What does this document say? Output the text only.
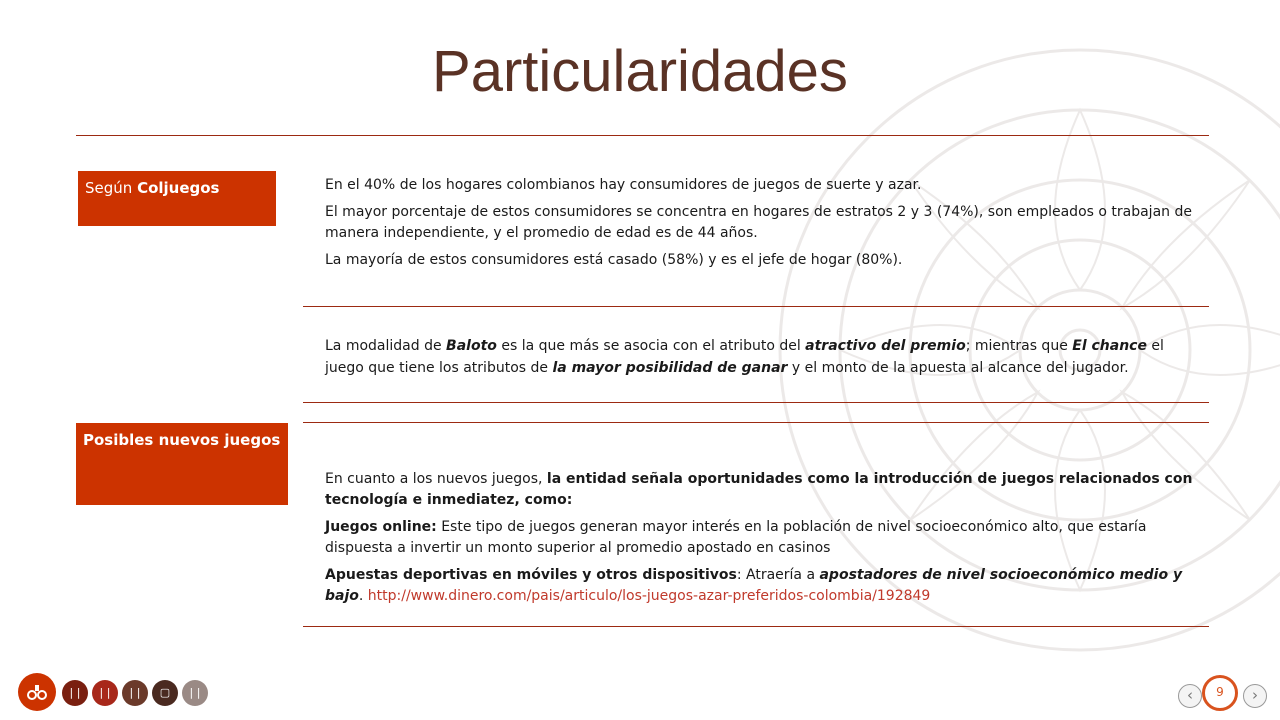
Particularidades
Según Coljuegos	En el 40% de los hogares colombianos hay consumidores de juegos de suerte y azar.

El mayor porcentaje de estos consumidores se concentra en hogares de estratos 2 y 3 (74%), son empleados o trabajan de manera independiente, y el promedio de edad es de 44 años.

La mayoría de estos consumidores está casado (58%) y es el jefe de hogar (80%).

La modalidad de Baloto es la que más se asocia con el atributo del atractivo del premio; mientras que El chance el juego que tiene los atributos de la mayor posibilidad de ganar y el monto de la apuesta al alcance del jugador.

Posibles nuevos juegos

En cuanto a los nuevos juegos, la entidad señala oportunidades como la introducción de juegos relacionados con tecnología e inmediatez, como:

Juegos online: Este tipo de juegos generan mayor interés en la población de nivel socioeconómico alto, que estaría dispuesta a invertir un monto superior al promedio apostado en casinos

Apuestas deportivas en móviles y otros dispositivos: Atraería a apostadores de nivel socioeconómico medio y bajo. http://www.dinero.com/pais/articulo/los-juegos-azar-preferidos-colombia/192849

| |	| |	| |	▢	| |	‹	9	›
